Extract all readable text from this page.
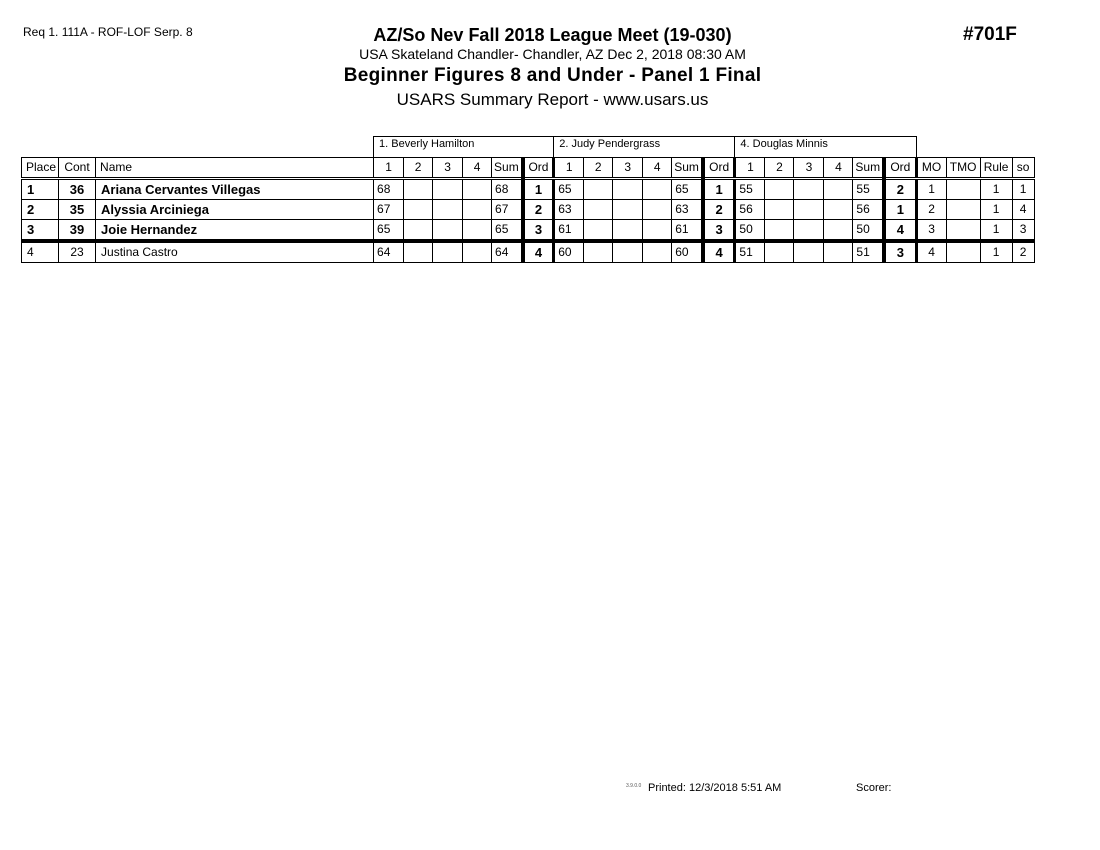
Req 1. 111A - ROF-LOF Serp. 8	AZ/So Nev Fall 2018 League Meet (19-030)
USA Skateland Chandler- Chandler, AZ Dec 2, 2018 08:30 AM
Beginner Figures 8 and Under - Panel 1 Final
USARS Summary Report - www.usars.us
#701F
			1. Beverly Hamilton						2. Judy Pendergrass						4. Douglas Minnis									
Place	Cont	Name	1	2	3	4	Sum	Ord	1	2	3	4	Sum	Ord	1	2	3	4	Sum	Ord	MO	TMO	Rule	so
1	36	Ariana Cervantes Villegas	68				68	1	65				65	1	55				55	2	1		1	1
2	35	Alyssia Arciniega	67				67	2	63				63	2	56				56	1	2		1	4
3	39	Joie Hernandez	65				65	3	61				61	3	50				50	4	3		1	3
4	23	Justina Castro	64				64	4	60				60	4	51				51	3	4		1	2
3.9.0.0 Printed: 12/3/2018 5:51 AM	Scorer:
